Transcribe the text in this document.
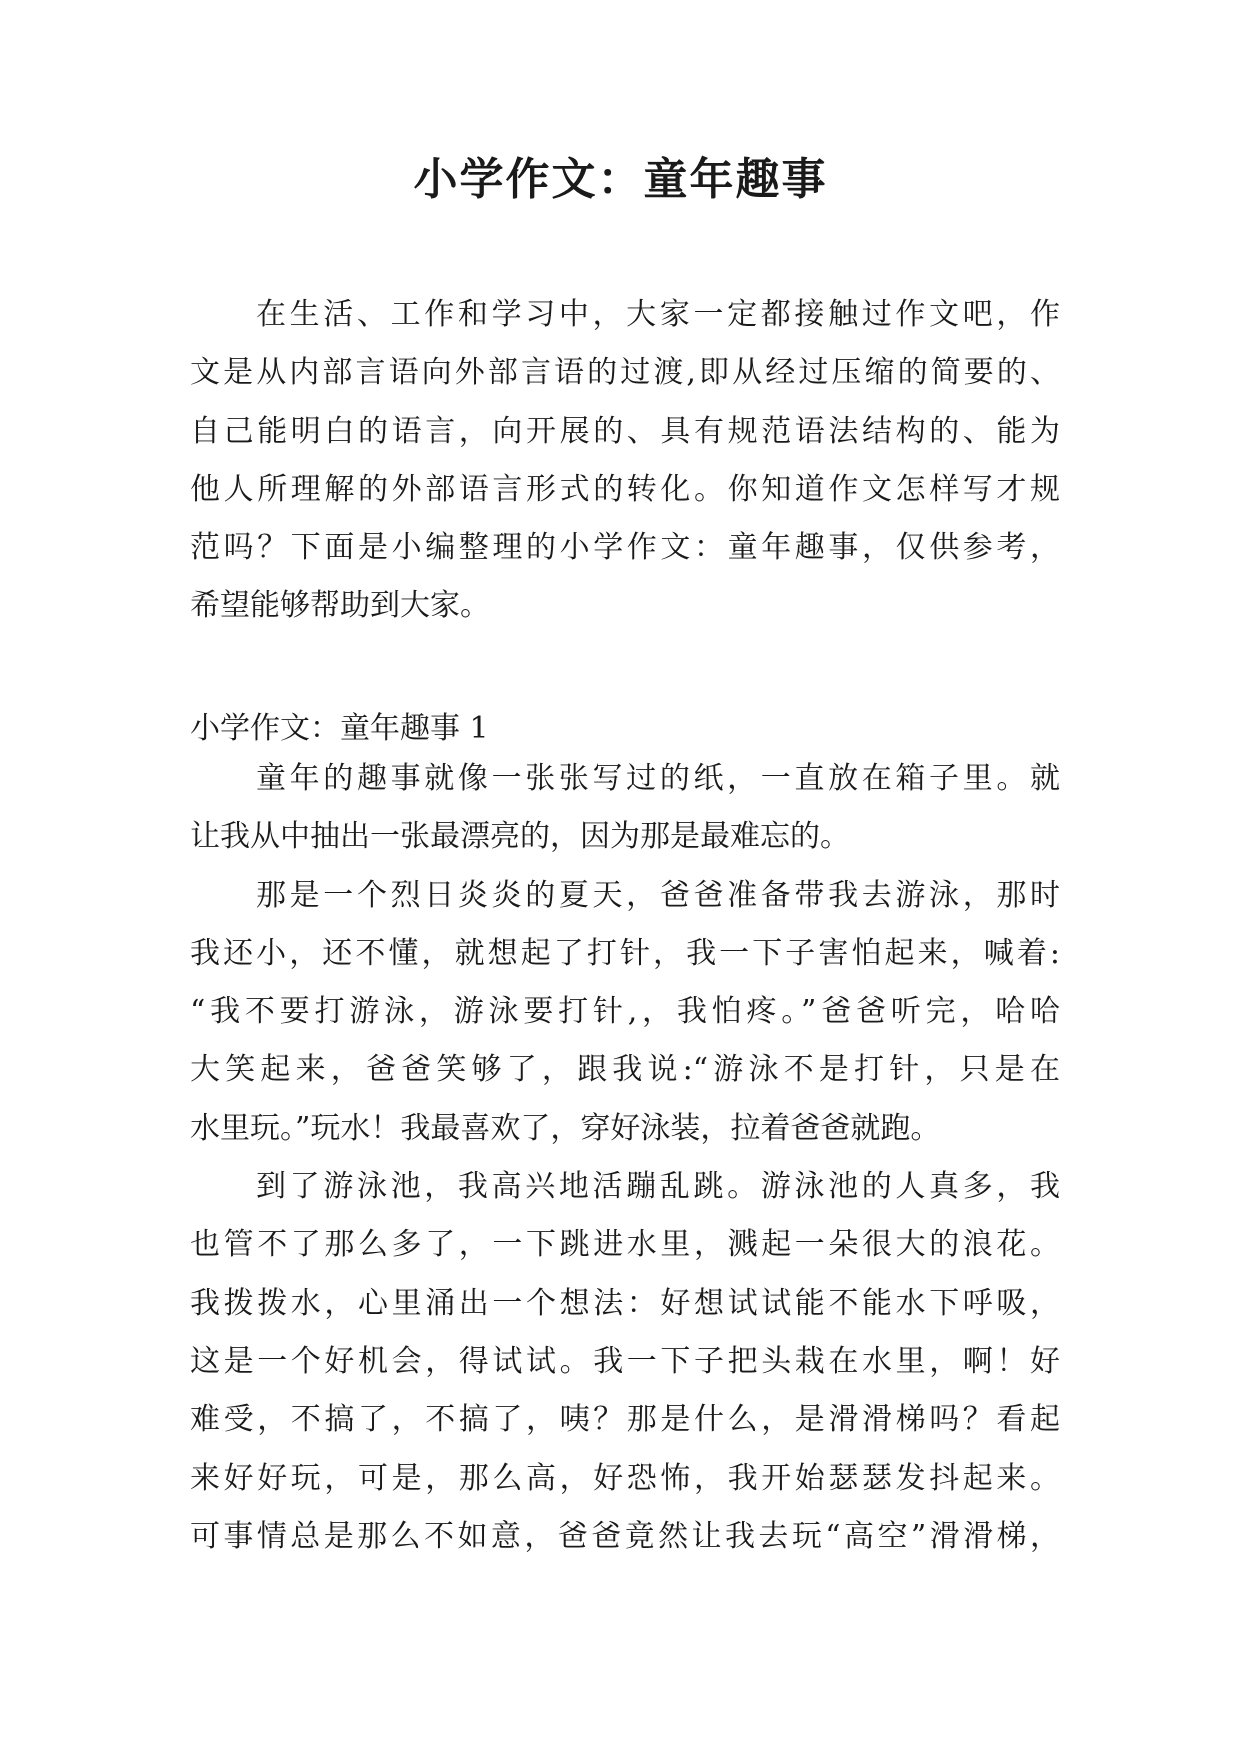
小学作文：童年趣事
在生活、工作和学习中，大家一定都接触过作文吧，作
文是从内部言语向外部言语的过渡,即从经过压缩的简要的、
自己能明白的语言，向开展的、具有规范语法结构的、能为
他人所理解的外部语言形式的转化。你知道作文怎样写才规
范吗？下面是小编整理的小学作文：童年趣事，仅供参考，
希望能够帮助到大家。
小学作文：童年趣事 1
童年的趣事就像一张张写过的纸，一直放在箱子里。就
让我从中抽出一张最漂亮的，因为那是最难忘的。
那是一个烈日炎炎的夏天，爸爸准备带我去游泳，那时
我还小，还不懂，就想起了打针，我一下子害怕起来，喊着:
“我不要打游泳，游泳要打针,，我怕疼。”爸爸听完，哈哈
大笑起来，爸爸笑够了，跟我说:“游泳不是打针，只是在
水里玩。”玩水！我最喜欢了，穿好泳装，拉着爸爸就跑。
到了游泳池，我高兴地活蹦乱跳。游泳池的人真多，我
也管不了那么多了，一下跳进水里，溅起一朵很大的浪花。
我拨拨水，心里涌出一个想法：好想试试能不能水下呼吸，
这是一个好机会，得试试。我一下子把头栽在水里，啊！好
难受，不搞了，不搞了，咦？那是什么，是滑滑梯吗？看起
来好好玩，可是，那么高，好恐怖，我开始瑟瑟发抖起来。
可事情总是那么不如意，爸爸竟然让我去玩“高空”滑滑梯，
